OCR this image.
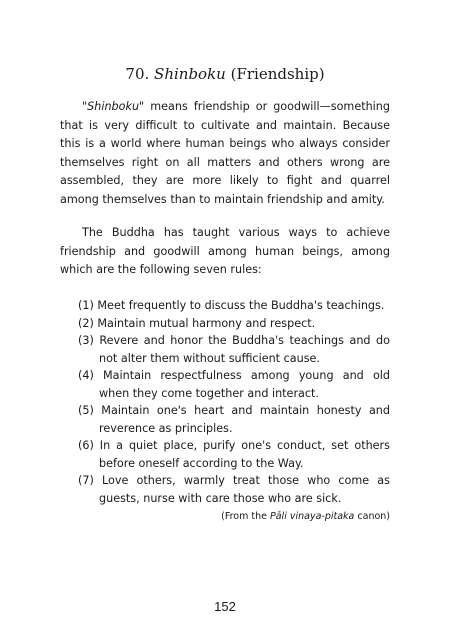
70. Shinboku (Friendship)

"Shinboku" means friendship or goodwill—something that is very difficult to cultivate and maintain. Because this is a world where human beings who always consider themselves right on all matters and others wrong are assembled, they are more likely to fight and quarrel among themselves than to maintain friendship and amity.

The Buddha has taught various ways to achieve friendship and goodwill among human beings, among which are the following seven rules:

(1) Meet frequently to discuss the Buddha's teachings.
(2) Maintain mutual harmony and respect.
(3) Revere and honor the Buddha's teachings and do not alter them without sufficient cause.
(4) Maintain respectfulness among young and old when they come together and interact.
(5) Maintain one's heart and maintain honesty and reverence as principles.
(6) In a quiet place, purify one's conduct, set others before oneself according to the Way.
(7) Love others, warmly treat those who come as guests, nurse with care those who are sick.
(From the Pāli vinaya-pitaka canon)
152
